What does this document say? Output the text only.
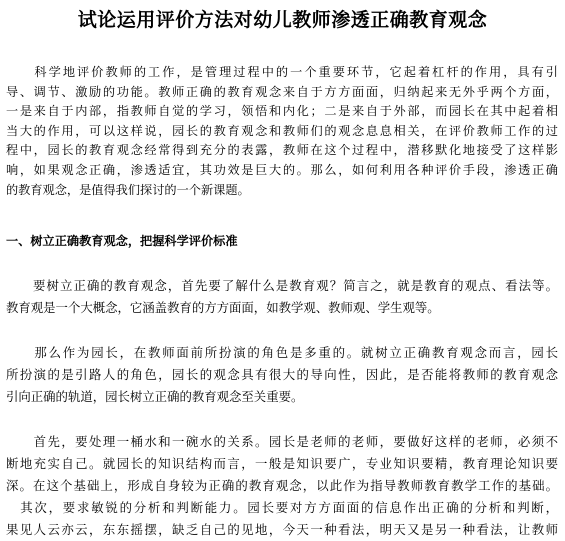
试论运用评价方法对幼儿教师渗透正确教育观念
　　科学地评价教师的工作，是管理过程中的一个重要环节，它起着杠杆的作用，具有引
导、调节、激励的功能。教师正确的教育观念来自于方方面面，归纳起来无外乎两个方面，
一是来自于内部，指教师自觉的学习，领悟和内化；二是来自于外部，而园长在其中起着相
当大的作用，可以这样说，园长的教育观念和教师们的观念息息相关，在评价教师工作的过
程中，园长的教育观念经常得到充分的表露，教师在这个过程中，潜移默化地接受了这样影
响，如果观念正确，渗透适宜，其功效是巨大的。那么，如何利用各种评价手段，渗透正确
的教育观念，是值得我们探讨的一个新课题。
一、树立正确教育观念，把握科学评价标准
　　要树立正确的教育观念，首先要了解什么是教育观？简言之，就是教育的观点、看法等。
教育观是一个大概念，它涵盖教育的方方面面，如教学观、教师观、学生观等。
　　那么作为园长，在教师面前所扮演的角色是多重的。就树立正确教育观念而言，园长
所扮演的是引路人的角色，园长的观念具有很大的导向性，因此，是否能将教师的教育观念
引向正确的轨道，园长树立正确的教育观念至关重要。
　　首先，要处理一桶水和一碗水的关系。园长是老师的老师，要做好这样的老师，必须不
断地充实自己。就园长的知识结构而言，一般是知识要广，专业知识要精，教育理论知识要
深。在这个基础上，形成自身较为正确的教育观念，以此作为指导教师教育教学工作的基础。
　其次，要求敏锐的分析和判断能力。园长要对方方面面的信息作出正确的分析和判断，
果见人云亦云，东东摇摆，缺乏自己的见地，今天一种看法，明天又是另一种看法，让教师
